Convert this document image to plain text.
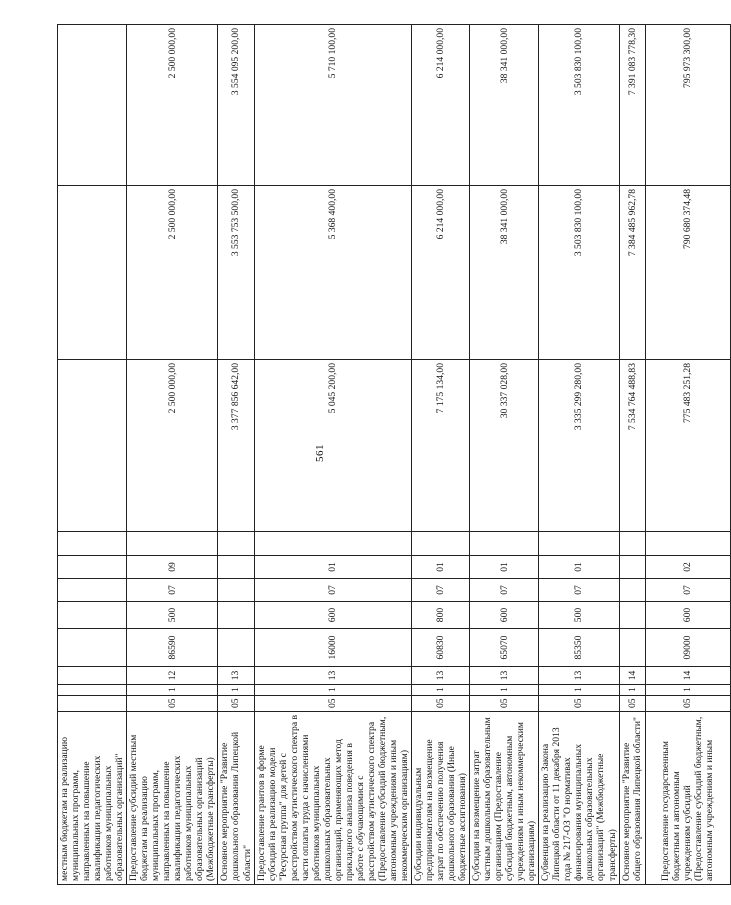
561
местным бюджетам на реализацию муниципальных программ, направленных на повышение квалификации педагогических работников муниципальных образовательных организаций"											
Предоставление субсидий местным бюджетам на реализацию муниципальных программ, направленных на повышение квалификации педагогических работников муниципальных образовательных организаций (Межбюджетные трансферты)	05	1	12	86590	500	07	09		2 500 000,00	2 500 000,00	2 500 000,00
Основное мероприятие "Развитие дошкольного образования Липецкой области"	05	1	13						3 377 856 642,00	3 553 753 500,00	3 554 095 200,00
Предоставление грантов в форме субсидий на реализацию модели "Ресурсная группа" для детей с расстройством аутистического спектра в части оплаты труда с начислениями работников муниципальных дошкольных образовательных организаций, применяющих метод прикладного анализа поведения в работе с обучающимися с расстройством аутистического спектра (Предоставление субсидий бюджетным, автономным учреждениям и иным некоммерческим организациям)	05	1	13	16000	600	07	01		5 045 200,00	5 368 400,00	5 710 100,00
Субсидии индивидуальным предпринимателям на возмещение затрат по обеспечению получения дошкольного образования (Иные бюджетные ассигнования)	05	1	13	60830	800	07	01		7 175 134,00	6 214 000,00	6 214 000,00
Субсидия на возмещение затрат частным дошкольным образовательным организациям (Предоставление субсидий бюджетным, автономным учреждениям и иным некоммерческим организациям)	05	1	13	65070	600	07	01		30 337 028,00	38 341 000,00	38 341 000,00
Субвенция на реализацию Закона Липецкой области от 11 декабря 2013 года № 217-ОЗ "О нормативах финансирования муниципальных дошкольных образовательных организаций" (Межбюджетные трансферты)	05	1	13	85350	500	07	01		3 335 299 280,00	3 503 830 100,00	3 503 830 100,00
Основное мероприятие "Развитие общего образования Липецкой области"	05	1	14						7 534 764 488,83	7 384 485 962,78	7 391 083 778,30
Предоставление государственным бюджетным и автономным учреждениям субсидий (Предоставление субсидий бюджетным, автономным учреждениям и иным	05	1	14	09000	600	07	02		775 483 251,28	790 680 374,48	795 973 300,00
